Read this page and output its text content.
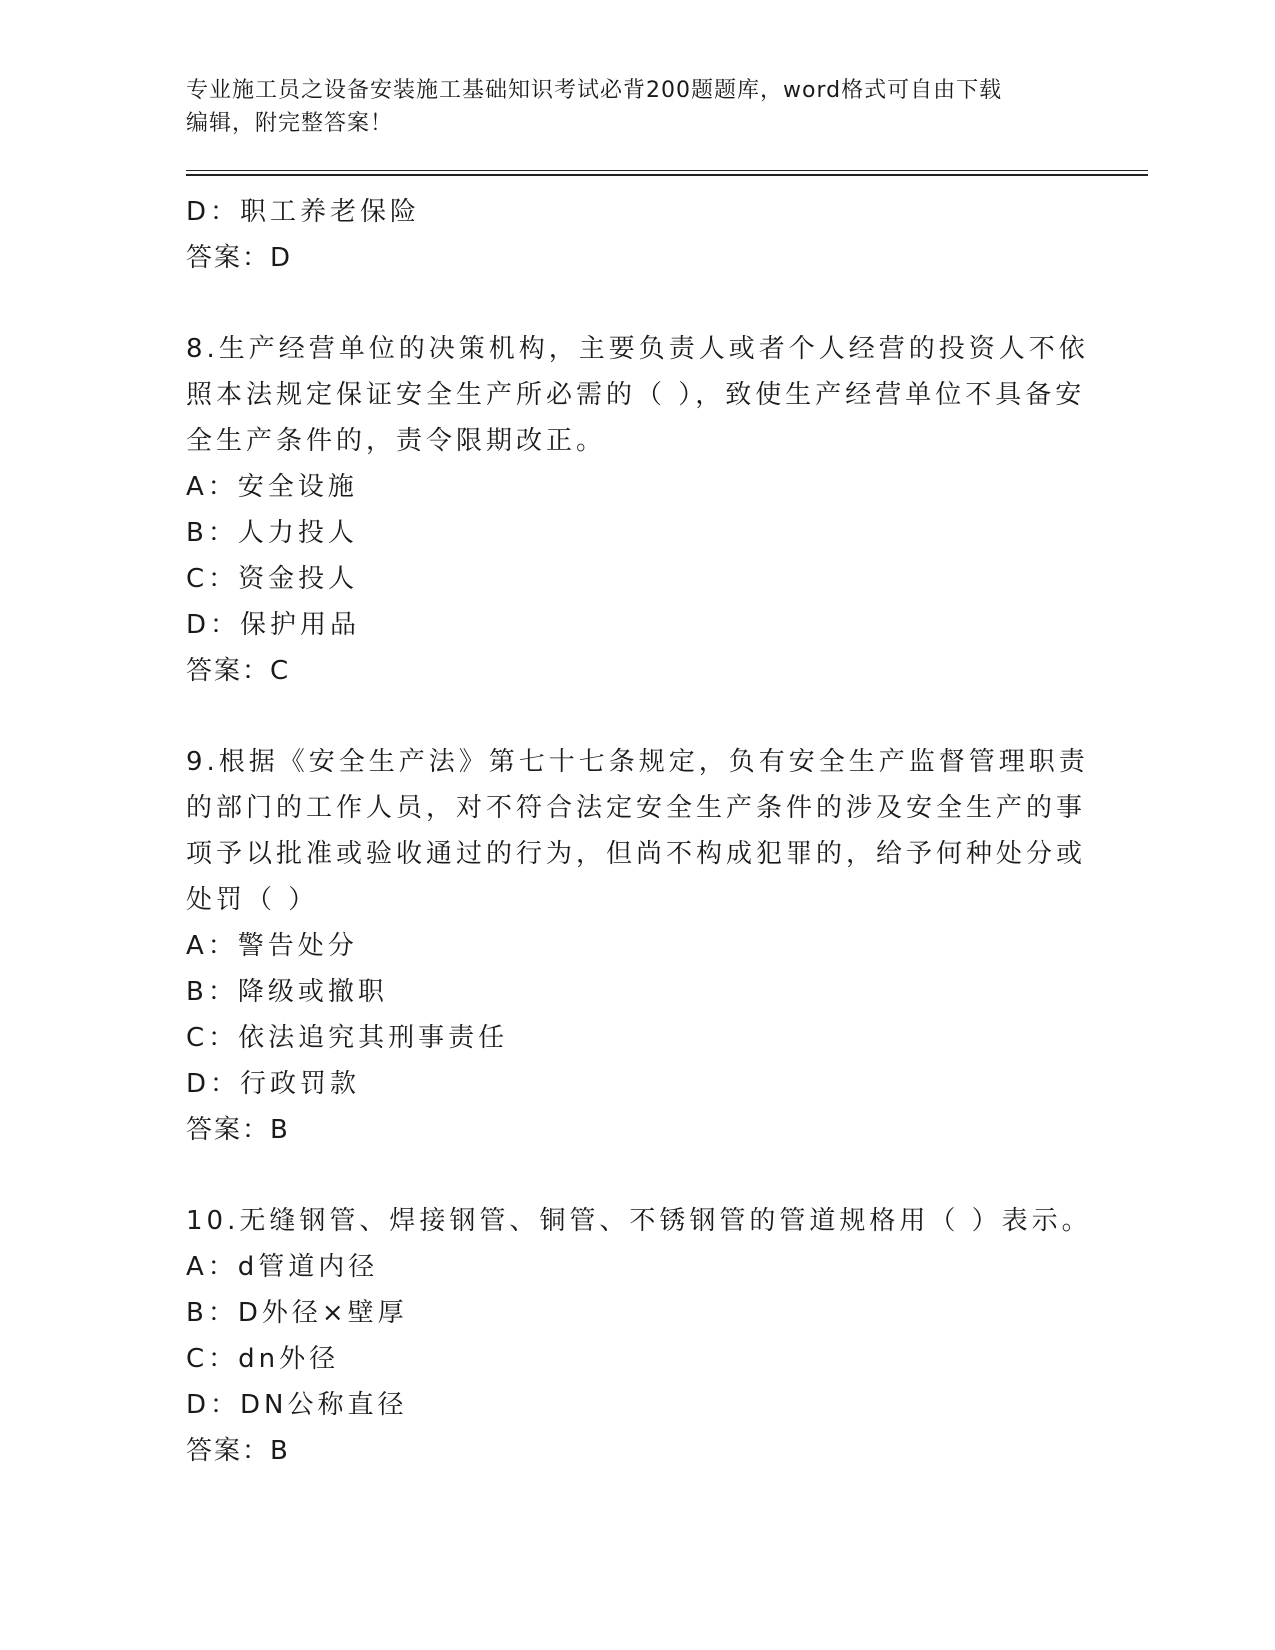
专业施工员之设备安装施工基础知识考试必背200题题库，word格式可自由下载
编辑，附完整答案！
D：职工养老保险
答案：D
8.生产经营单位的决策机构，主要负责人或者个人经营的投资人不依
照本法规定保证安全生产所必需的（ ），致使生产经营单位不具备安
全生产条件的，责令限期改正。
A：安全设施
B：人力投人
C：资金投人
D：保护用品
答案：C
9.根据《安全生产法》第七十七条规定，负有安全生产监督管理职责
的部门的工作人员，对不符合法定安全生产条件的涉及安全生产的事
项予以批准或验收通过的行为，但尚不构成犯罪的，给予何种处分或
处罚（ ）
A：警告处分
B：降级或撤职
C：依法追究其刑事责任
D：行政罚款
答案：B
10.无缝钢管、焊接钢管、铜管、不锈钢管的管道规格用（ ）表示。
A：d管道内径
B：D外径×壁厚
C：dn外径
D：DN公称直径
答案：B
